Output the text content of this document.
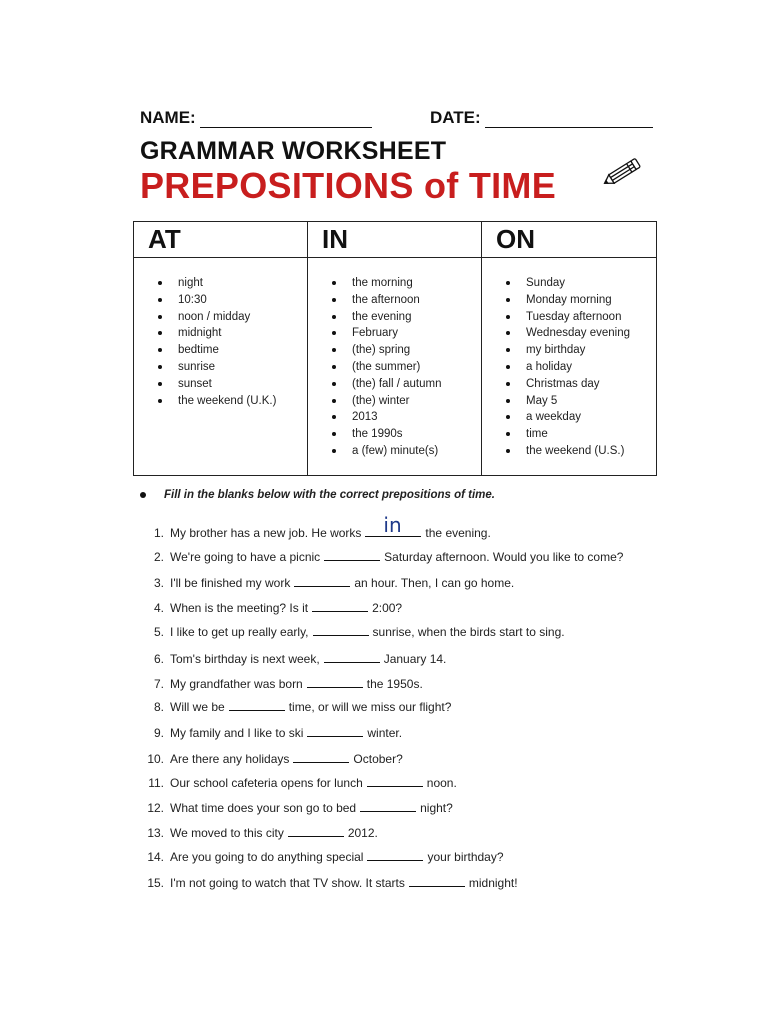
NAME:	DATE:
GRAMMAR WORKSHEET
PREPOSITIONS of TIME
AT
night
10:30
noon / midday
midnight
bedtime
sunrise
sunset
the weekend (U.K.)
IN
the morning
the afternoon
the evening
February
(the) spring
(the summer)
(the) fall / autumn
(the) winter
2013
the 1990s
a (few) minute(s)
ON
Sunday
Monday morning
Tuesday afternoon
Wednesday evening
my birthday
a holiday
Christmas day
May 5
a weekday
time
the weekend (U.S.)
Fill in the blanks below with the correct prepositions of time.
1. My brother has a new job. He works in the evening.
2. We're going to have a picnic	Saturday afternoon. Would you like to come?
3. I'll be finished my work	an hour. Then, I can go home.
4. When is the meeting? Is it	2:00?
5. I like to get up really early,	sunrise, when the birds start to sing.
6. Tom's birthday is next week,	January 14.
7. My grandfather was born	the 1950s.
8. Will we be	time, or will we miss our flight?
9. My family and I like to ski	winter.
10. Are there any holidays	October?
11. Our school cafeteria opens for lunch	noon.
12. What time does your son go to bed	night?
13. We moved to this city	2012.
14. Are you going to do anything special	your birthday?
15. I'm not going to watch that TV show. It starts	midnight!
